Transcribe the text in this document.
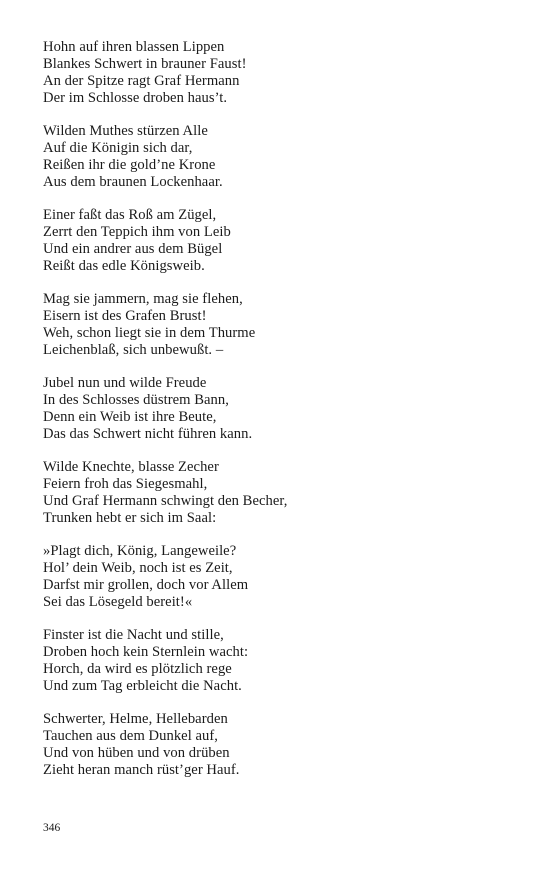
Hohn auf ihren blassen Lippen
Blankes Schwert in brauner Faust!
An der Spitze ragt Graf Hermann
Der im Schlosse droben haus’t.
Wilden Muthes stürzen Alle
Auf die Königin sich dar,
Reißen ihr die gold’ne Krone
Aus dem braunen Lockenhaar.
Einer faßt das Roß am Zügel,
Zerrt den Teppich ihm von Leib
Und ein andrer aus dem Bügel
Reißt das edle Königsweib.
Mag sie jammern, mag sie flehen,
Eisern ist des Grafen Brust!
Weh, schon liegt sie in dem Thurme
Leichenblaß, sich unbewußt. –
Jubel nun und wilde Freude
In des Schlosses düstrem Bann,
Denn ein Weib ist ihre Beute,
Das das Schwert nicht führen kann.
Wilde Knechte, blasse Zecher
Feiern froh das Siegesmahl,
Und Graf Hermann schwingt den Becher,
Trunken hebt er sich im Saal:
»Plagt dich, König, Langeweile?
Hol’ dein Weib, noch ist es Zeit,
Darfst mir grollen, doch vor Allem
Sei das Lösegeld bereit!«
Finster ist die Nacht und stille,
Droben hoch kein Sternlein wacht:
Horch, da wird es plötzlich rege
Und zum Tag erbleicht die Nacht.
Schwerter, Helme, Hellebarden
Tauchen aus dem Dunkel auf,
Und von hüben und von drüben
Zieht heran manch rüst’ger Hauf.
346
